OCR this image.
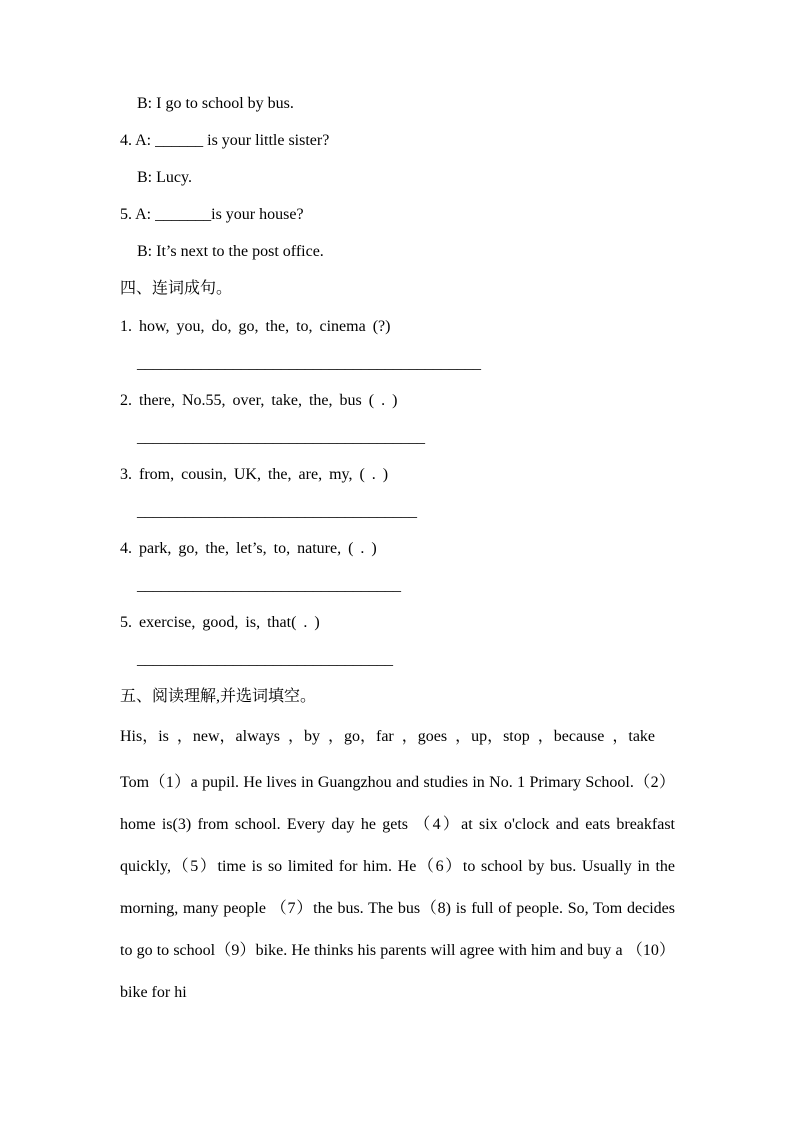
B: I go to school by bus.
4. A: ______ is your little sister?
B: Lucy.
5. A: _______is your house?
B: It’s next to the post office.
四、连词成句。
1. how, you, do, go, the, to, cinema (?)
___________________________________________
2. there, No.55, over, take, the, bus ( . )
____________________________________
3. from, cousin, UK, the, are, my, ( . )
___________________________________
4. park, go, the, let’s, to, nature, ( . )
_________________________________
5. exercise, good, is, that( . )
________________________________
五、阅读理解,并选词填空。
His，is ，new，always ，by ，go，far ，goes ，up，stop ，because ，take

Tom（1）a pupil. He lives in Guangzhou and studies in No. 1 Primary School.（2）home is(3) from school. Every day he gets （4）at six o'clock and eats breakfast quickly,（5）time is so limited for him. He（6）to school by bus. Usually in the morning, many people （7）the bus. The bus（8) is full of people. So, Tom decides to go to school（9）bike. He thinks his parents will agree with him and buy a （10）bike for hi
